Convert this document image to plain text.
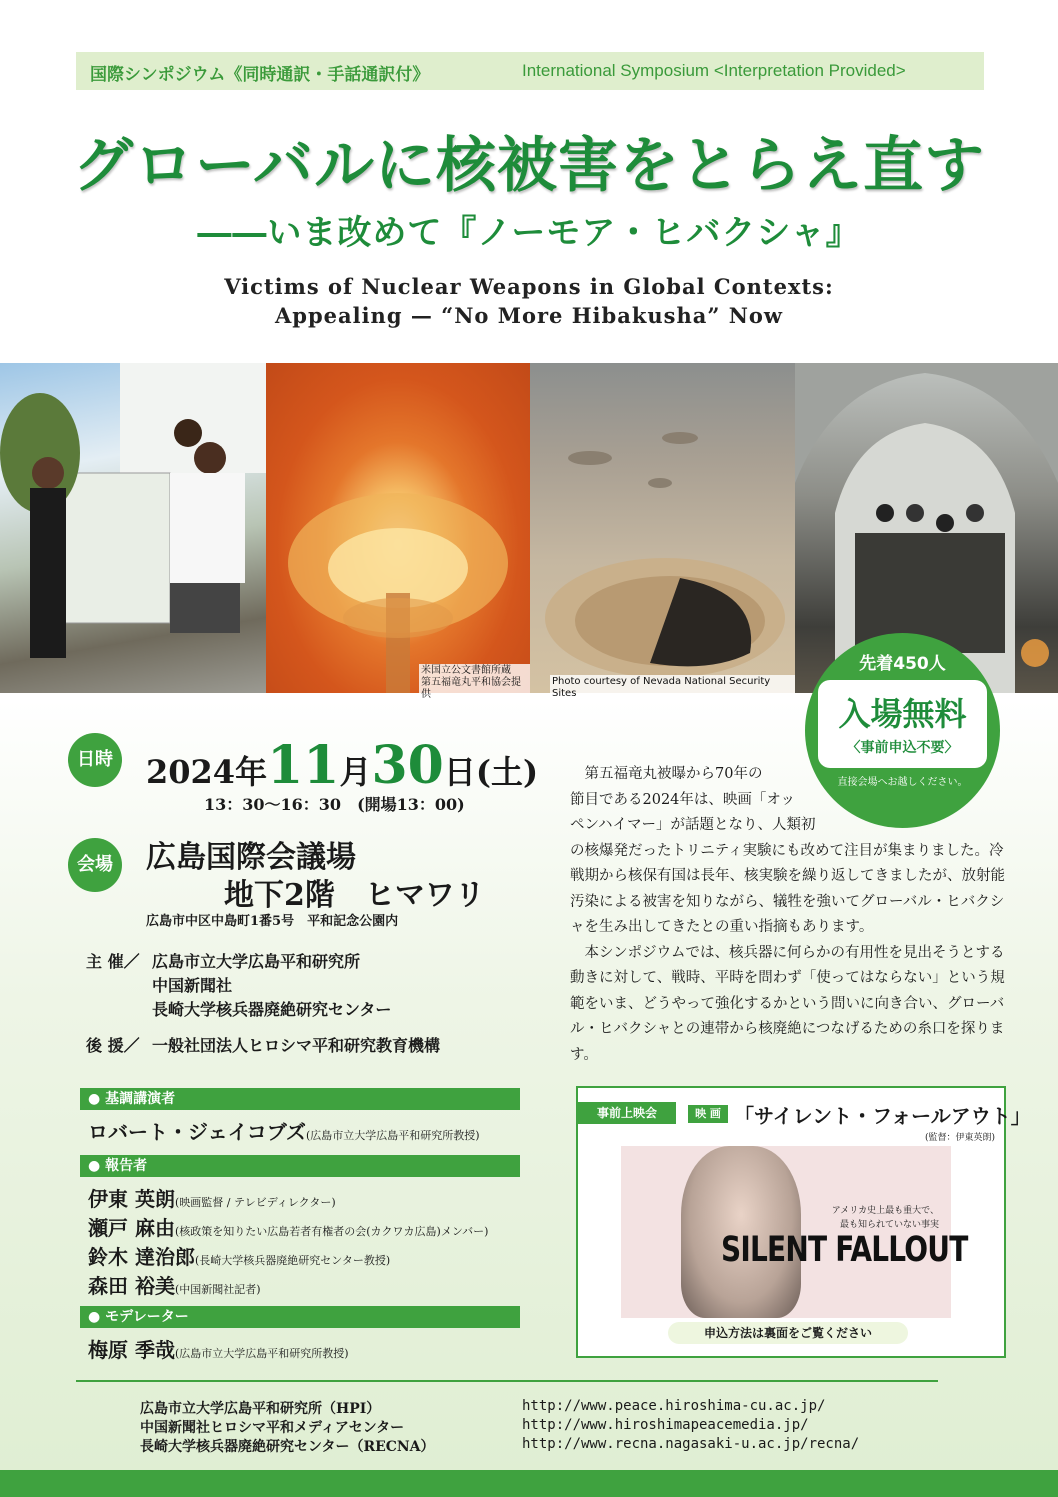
国際シンポジウム《同時通訳・手話通訳付》	International Symposium <Interpretation Provided>
グローバルに核被害をとらえ直す
――いま改めて『ノーモア・ヒバクシャ』
Victims of Nuclear Weapons in Global Contexts:
Appealing — “No More Hibakusha” Now
米国立公文書館所蔵
第五福竜丸平和協会提供
Photo courtesy of Nevada National Security Sites
先着450人
入場無料
〈事前申込不要〉
直接会場へお越しください。
日時 2024年11月30日(土)
13：30～16：30　(開場13：00)
会場	広島国際会議場
地下2階　ヒマワリ
広島市中区中島町1番5号　平和記念公園内
主 催／ 広島市立大学広島平和研究所
中国新聞社
長崎大学核兵器廃絶研究センター
後 援／ 一般社団法人ヒロシマ平和研究教育機構
第五福竜丸被曝から70年の
節目である2024年は、映画「オッ
ペンハイマー」が話題となり、人類初
の核爆発だったトリニティ実験にも改めて注目が集まりました。冷戦期から核保有国は長年、核実験を繰り返してきましたが、放射能汚染による被害を知りながら、犠牲を強いてグローバル・ヒバクシャを生み出してきたとの重い指摘もあります。

本シンポジウムでは、核兵器に何らかの有用性を見出そうとする動きに対して、戦時、平時を問わず「使ってはならない」という規範をいま、どうやって強化するかという問いに向き合い、グローバル・ヒバクシャとの連帯から核廃絶につなげるための糸口を探ります。

● 基調講演者
ロバート・ジェイコブズ(広島市立大学広島平和研究所教授)
● 報告者
伊東 英朗(映画監督 / テレビディレクター)
瀬戸 麻由(核政策を知りたい広島若者有権者の会(カクワカ広島)メンバー)
鈴木 達治郎(長崎大学核兵器廃絶研究センター教授)
森田 裕美(中国新聞社記者)
● モデレーター
梅原 季哉(広島市立大学広島平和研究所教授)
事前上映会	映 画 「サイレント・フォールアウト」
(監督：伊東英朗)
アメリカ史上最も重大で、
最も知られていない事実
SILENT FALLOUT
申込方法は裏面をご覧ください
広島市立大学広島平和研究所（HPI）
中国新聞社ヒロシマ平和メディアセンター
長崎大学核兵器廃絶研究センター（RECNA）
http://www.peace.hiroshima-cu.ac.jp/
http://www.hiroshimapeacemedia.jp/
http://www.recna.nagasaki-u.ac.jp/recna/
